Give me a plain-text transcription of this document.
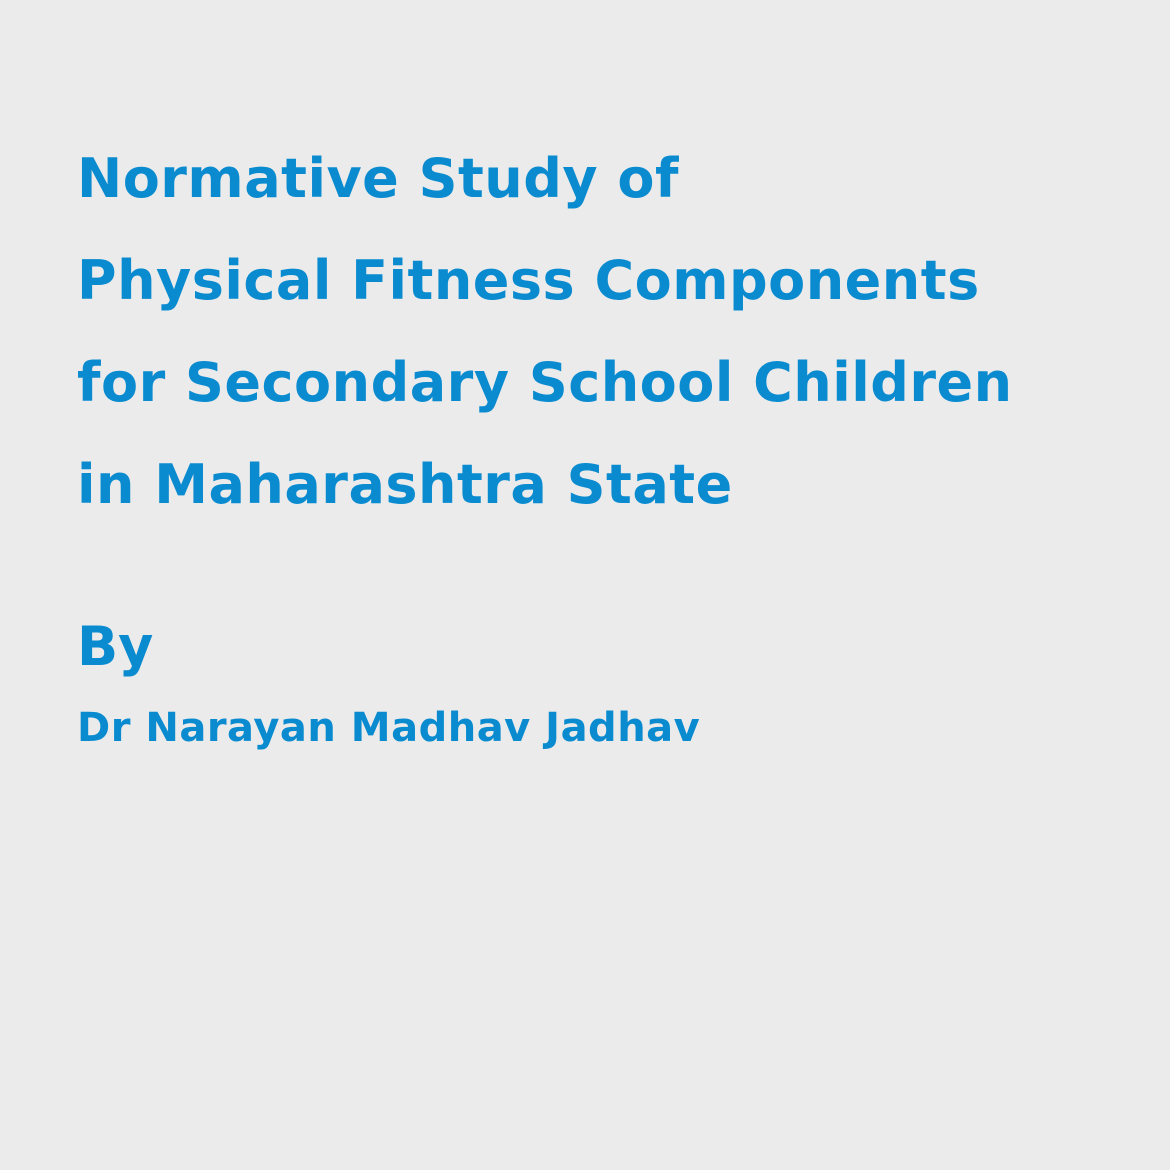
Normative Study of
Physical Fitness Components
for Secondary School Children
in Maharashtra State

By

Dr Narayan Madhav Jadhav
